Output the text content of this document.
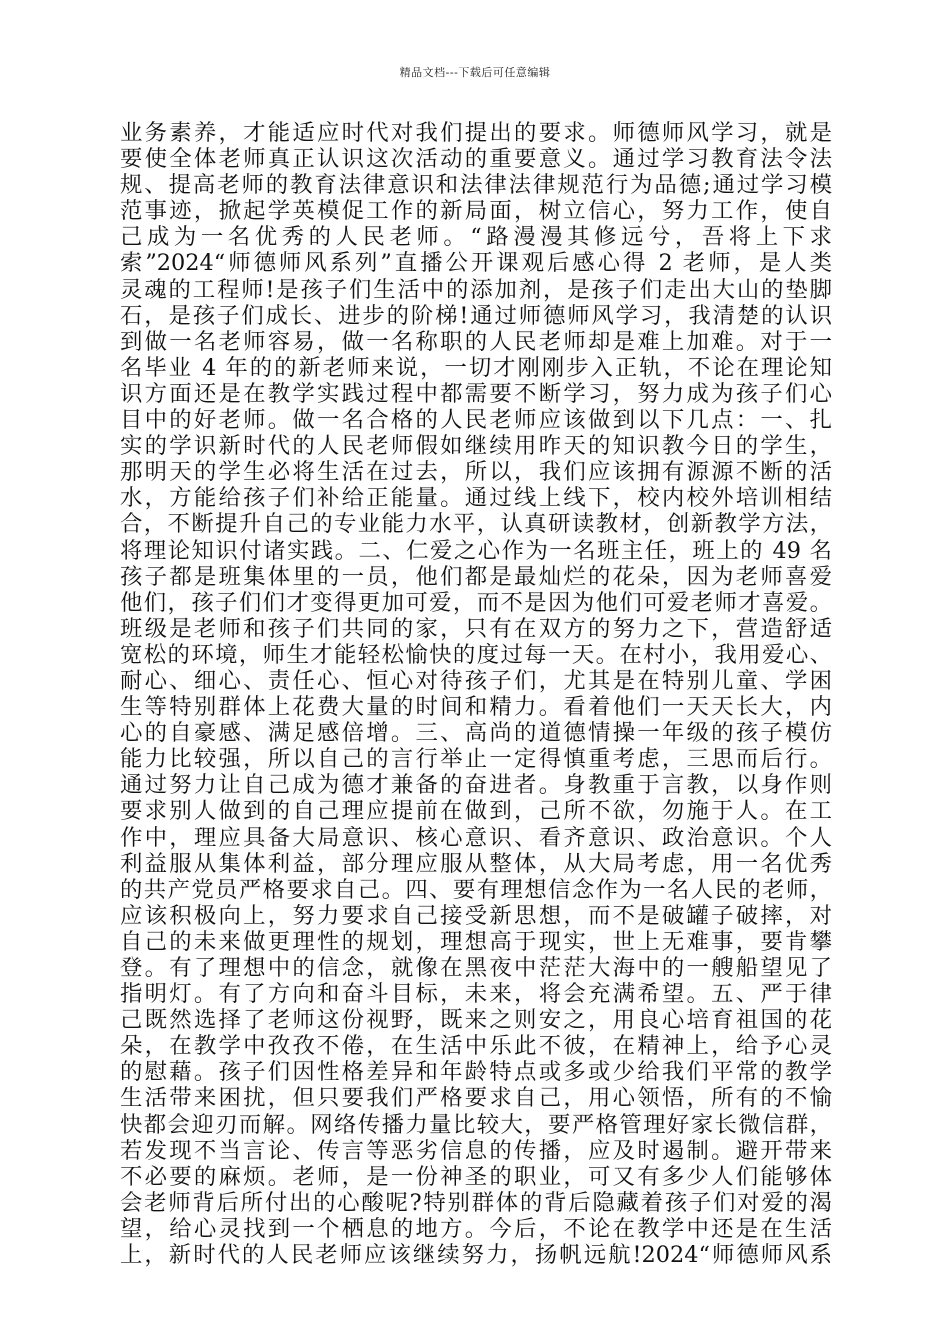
精品文档---下载后可任意编辑
业务素养，才能适应时代对我们提出的要求。师德师风学习，就是
要使全体老师真正认识这次活动的重要意义。通过学习教育法令法
规、提高老师的教育法律意识和法律法律规范行为品德;通过学习模
范事迹，掀起学英模促工作的新局面，树立信心，努力工作，使自
己成为一名优秀的人民老师。“路漫漫其修远兮，吾将上下求
索”2024“师德师风系列”直播公开课观后感心得 2 老师，是人类
灵魂的工程师!是孩子们生活中的添加剂，是孩子们走出大山的垫脚
石，是孩子们成长、进步的阶梯!通过师德师风学习，我清楚的认识
到做一名老师容易，做一名称职的人民老师却是难上加难。对于一
名毕业 4 年的的新老师来说，一切才刚刚步入正轨，不论在理论知
识方面还是在教学实践过程中都需要不断学习，努力成为孩子们心
目中的好老师。做一名合格的人民老师应该做到以下几点：一、扎
实的学识新时代的人民老师假如继续用昨天的知识教今日的学生，
那明天的学生必将生活在过去，所以，我们应该拥有源源不断的活
水，方能给孩子们补给正能量。通过线上线下，校内校外培训相结
合，不断提升自己的专业能力水平，认真研读教材，创新教学方法，
将理论知识付诸实践。二、仁爱之心作为一名班主任，班上的 49 名
孩子都是班集体里的一员，他们都是最灿烂的花朵，因为老师喜爱
他们，孩子们们才变得更加可爱，而不是因为他们可爱老师才喜爱。
班级是老师和孩子们共同的家，只有在双方的努力之下，营造舒适
宽松的环境，师生才能轻松愉快的度过每一天。在村小，我用爱心、
耐心、细心、责任心、恒心对待孩子们，尤其是在特别儿童、学困
生等特别群体上花费大量的时间和精力。看着他们一天天长大，内
心的自豪感、满足感倍增。三、高尚的道德情操一年级的孩子模仿
能力比较强，所以自己的言行举止一定得慎重考虑，三思而后行。
通过努力让自己成为德才兼备的奋进者。身教重于言教，以身作则
要求别人做到的自己理应提前在做到，己所不欲，勿施于人。在工
作中，理应具备大局意识、核心意识、看齐意识、政治意识。个人
利益服从集体利益，部分理应服从整体，从大局考虑，用一名优秀
的共产党员严格要求自己。四、要有理想信念作为一名人民的老师，
应该积极向上，努力要求自己接受新思想，而不是破罐子破摔，对
自己的未来做更理性的规划，理想高于现实，世上无难事，要肯攀
登。有了理想中的信念，就像在黑夜中茫茫大海中的一艘船望见了
指明灯。有了方向和奋斗目标，未来，将会充满希望。五、严于律
己既然选择了老师这份视野，既来之则安之，用良心培育祖国的花
朵，在教学中孜孜不倦，在生活中乐此不彼，在精神上，给予心灵
的慰藉。孩子们因性格差异和年龄特点或多或少给我们平常的教学
生活带来困扰，但只要我们严格要求自己，用心领悟，所有的不愉
快都会迎刃而解。网络传播力量比较大，要严格管理好家长微信群，
若发现不当言论、传言等恶劣信息的传播，应及时遏制。避开带来
不必要的麻烦。老师，是一份神圣的职业，可又有多少人们能够体
会老师背后所付出的心酸呢?特别群体的背后隐藏着孩子们对爱的渴
望，给心灵找到一个栖息的地方。今后，不论在教学中还是在生活
上，新时代的人民老师应该继续努力，扬帆远航!2024“师德师风系
